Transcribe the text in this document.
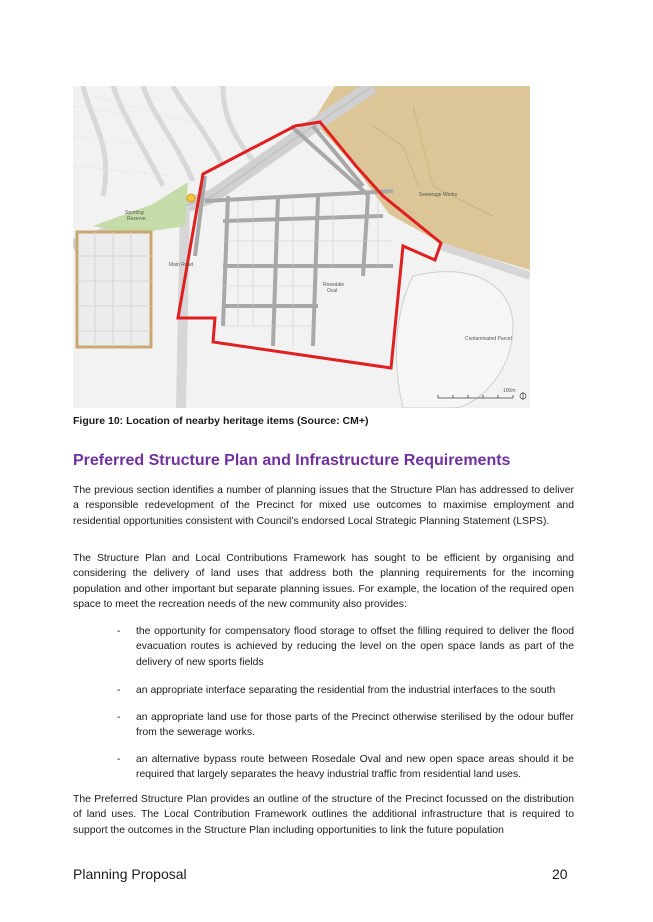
Rosedale
Oval
Sewerage Works
Sporting
Reserve
Main Road
Contaminated Parcel
100m
Figure 10: Location of nearby heritage items (Source: CM+)
Preferred Structure Plan and Infrastructure Requirements

The previous section identifies a number of planning issues that the Structure Plan has addressed to deliver a responsible redevelopment of the Precinct for mixed use outcomes to maximise employment and residential opportunities consistent with Council’s endorsed Local Strategic Planning Statement (LSPS).

The Structure Plan and Local Contributions Framework has sought to be efficient by organising and considering the delivery of land uses that address both the planning requirements for the incoming population and other important but separate planning issues. For example, the location of the required open space to meet the recreation needs of the new community also provides:

- the opportunity for compensatory flood storage to offset the filling required to deliver the flood evacuation routes is achieved by reducing the level on the open space lands as part of the delivery of new sports fields
- an appropriate interface separating the residential from the industrial interfaces to the south
- an appropriate land use for those parts of the Precinct otherwise sterilised by the odour buffer from the sewerage works.
- an alternative bypass route between Rosedale Oval and new open space areas should it be required that largely separates the heavy industrial traffic from residential land uses.

The Preferred Structure Plan provides an outline of the structure of the Precinct focussed on the distribution of land uses. The Local Contribution Framework outlines the additional infrastructure that is required to support the outcomes in the Structure Plan including opportunities to link the future population

Planning Proposal	20
